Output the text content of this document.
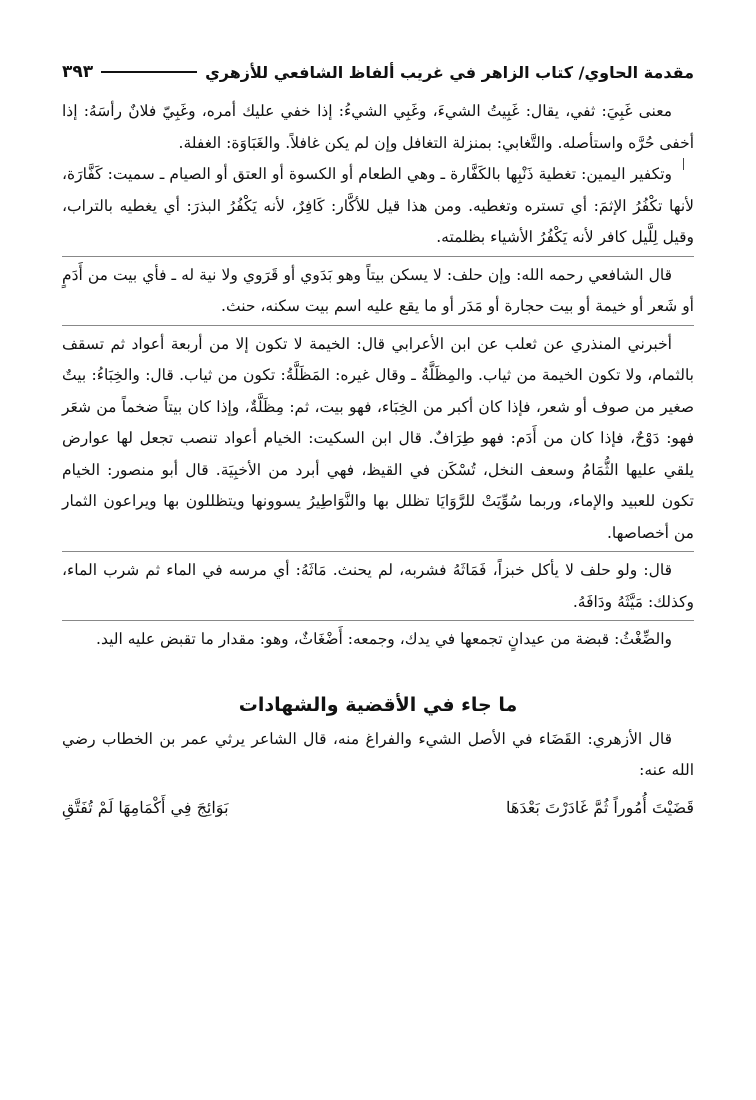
مقدمة الحاوي/ كتاب الزاهر في غريب ألفاظ الشافعي للأزهري
٣٩٣

معنى غَبِيَ: ثفي، يقال: غَبِيتُ الشيءَ، وغَبِي الشيءُ: إذا خفي عليك أمره، وغَبِيّ فلانٌ رأسَهُ: إذا أخفى حُرَّه واستأصله. والتَّغابي: بمنزلة التغافل وإن لم يكن غافلاً. والغَبَاوَة: الغفلة.

وتكفير اليمين: تغطية ذَنْبِها بالكَفَّارة ـ وهي الطعام أو الكسوة أو العتق أو الصيام ـ سميت: كَفَّارَة، لأنها تكْفُرُ الإثمَ: أي تستره وتغطيه. ومن هذا قيل للأكَّار: كَافِرٌ، لأنه يَكْفُرُ البذرَ: أي يغطيه بالتراب، وقيل لِلَّيل كافر لأنه يَكْفُرُ الأشياء بظلمته.

قال الشافعي رحمه الله: وإن حلف: لا يسكن بيتاً وهو بَدَوي أو قَرَوي ولا نية له ـ فأي بيت من أَدَمٍ أو شَعر أو خيمة أو بيت حجارة أو مَدَر أو ما يقع عليه اسم بيت سكنه، حنث.

أخبرني المنذري عن ثعلب عن ابن الأعرابي قال: الخيمة لا تكون إلا من أربعة أعواد ثم تسقف بالثمام، ولا تكون الخيمة من ثياب. والمِظَلَّةُ ـ وقال غيره: المَظَلَّةُ: تكون من ثياب. قال: والخِبَاءُ: بيتٌ صغير من صوف أو شعر، فإذا كان أكبر من الخِبَاء، فهو بيت، ثم: مِظَلَّةٌ، وإذا كان بيتاً ضخماً من شعَر فهو: دَوْحٌ، فإذا كان من أَدَم: فهو طِرَافٌ. قال ابن السكيت: الخيام أعواد تنصب تجعل لها عوارض يلقي عليها الثُّمَامُ وسعف النخل، تُسْكَن في القيظ، فهي أبرد من الأخبِيَة. قال أبو منصور: الخيام تكون للعبيد والإماء، وربما سُوِّيَتْ للرَّوَايَا تظلل بها والنَّوَاطِيرُ يسوونها ويتظللون بها ويراعون الثمار من أخصاصها.

قال: ولو حلف لا يأكل خبزاً، فَمَاثَهُ فشربه، لم يحنث. مَاثَهُ: أي مرسه في الماء ثم شرب الماء، وكذلك: مَيَّثَهُ ودَافَهُ.

والضِّغْثُ: قبضة من عيدانٍ تجمعها في يدك، وجمعه: أَضْغَاثٌ، وهو: مقدار ما تقبض عليه اليد.

ما جاء في الأقضية والشهادات

قال الأزهري: القَضَاء في الأصل الشيء والفراغ منه، قال الشاعر يرثي عمر بن الخطاب رضي الله عنه:

قَضَيْتَ أُمُوراً ثُمَّ غَادَرْتَ بَعْدَهَا
بَوَائِجَ فِي أَكْمَامِهَا لَمْ تُفَتَّقِ
